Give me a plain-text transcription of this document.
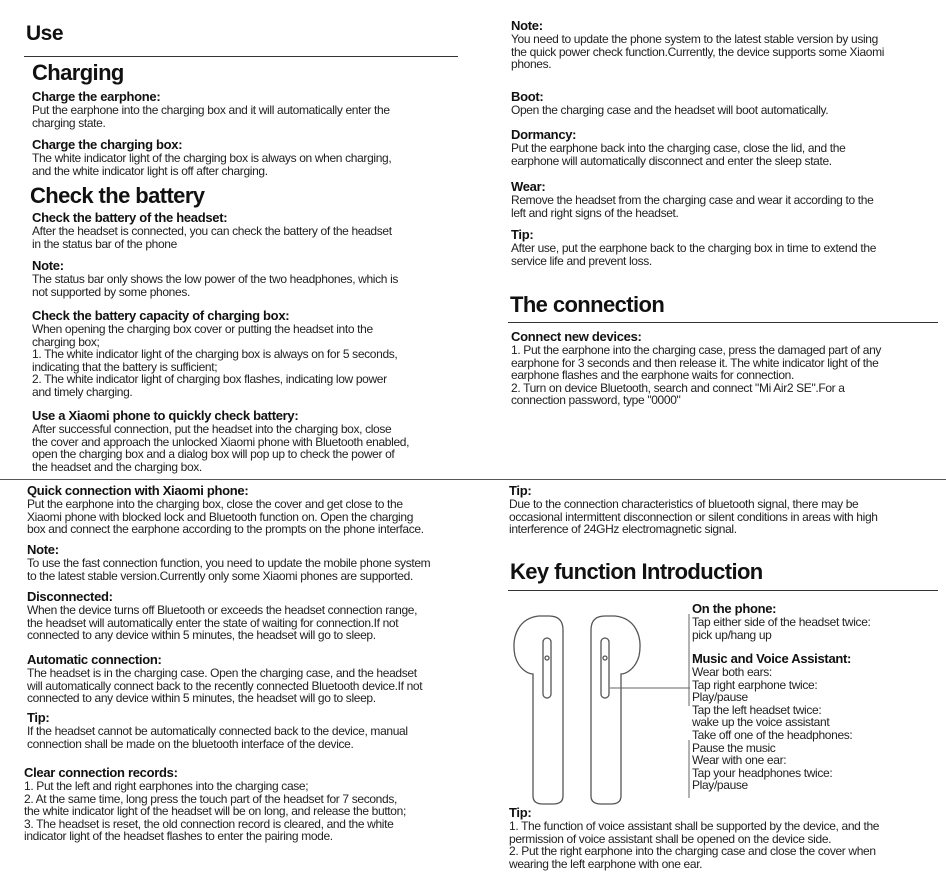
Use
Charging
Charge the earphone:
Put the earphone into the charging box and it will automatically enter the
charging state.
Charge the charging box:
The white indicator light of the charging box is always on when charging,
and the white indicator light is off after charging.
Check the battery
Check the battery of the headset:
After the headset is connected, you can check the battery of the headset
in the status bar of the phone
Note:
The status bar only shows the low power of the two headphones, which is
not supported by some phones.
Check the battery capacity of charging box:
When opening the charging box cover or putting the headset into the
charging box;
1. The white indicator light of the charging box is always on for 5 seconds,
indicating that the battery is sufficient;
2. The white indicator light of charging box flashes, indicating low power
and timely charging.
Use a Xiaomi phone to quickly check battery:
After successful connection, put the headset into the charging box, close
the cover and approach the unlocked Xiaomi phone with Bluetooth enabled,
open the charging box and a dialog box will pop up to check the power of
the headset and the charging box.
Note:
You need to update the phone system to the latest stable version by using
the quick power check function.Currently, the device supports some Xiaomi
phones.
Boot:
Open the charging case and the headset will boot automatically.
Dormancy:
Put the earphone back into the charging case, close the lid, and the
earphone will automatically disconnect and enter the sleep state.
Wear:
Remove the headset from the charging case and wear it according to the
left and right signs of the headset.
Tip:
After use, put the earphone back to the charging box in time to extend the
service life and prevent loss.
The connection
Connect new devices:
1. Put the earphone into the charging case, press the damaged part of any
earphone for 3 seconds and then release it. The white indicator light of the
earphone flashes and the earphone waits for connection.
2. Turn on device Bluetooth, search and connect "Mi Air2 SE".For a
connection password, type "0000"
Quick connection with Xiaomi phone:
Put the earphone into the charging box, close the cover and get close to the
Xiaomi phone with blocked lock and Bluetooth function on. Open the charging
box and connect the earphone according to the prompts on the phone interface.
Note:
To use the fast connection function, you need to update the mobile phone system
to the latest stable version.Currently only some Xiaomi phones are supported.
Disconnected:
When the device turns off Bluetooth or exceeds the headset connection range,
the headset will automatically enter the state of waiting for connection.If not
connected to any device within 5 minutes, the headset will go to sleep.
Automatic connection:
The headset is in the charging case. Open the charging case, and the headset
will automatically connect back to the recently connected Bluetooth device.If not
connected to any device within 5 minutes, the headset will go to sleep.
Tip:
If the headset cannot be automatically connected back to the device, manual
connection shall be made on the bluetooth interface of the device.
Clear connection records:
1. Put the left and right earphones into the charging case;
2. At the same time, long press the touch part of the headset for 7 seconds,
the white indicator light of the headset will be on long, and release the button;
3. The headset is reset, the old connection record is cleared, and the white
indicator light of the headset flashes to enter the pairing mode.
Tip:
Due to the connection characteristics of bluetooth signal, there may be
occasional intermittent disconnection or silent conditions in areas with high
interference of 24GHz electromagnetic signal.
Key function Introduction
On the phone:
Tap either side of the headset twice:
pick up/hang up
Music and Voice Assistant:
Wear both ears:
Tap right earphone twice:
Play/pause
Tap the left headset twice:
wake up the voice assistant
Take off one of the headphones:
Pause the music
Wear with one ear:
Tap your headphones twice:
Play/pause
Tip:
1. The function of voice assistant shall be supported by the device, and the
permission of voice assistant shall be opened on the device side.
2. Put the right earphone into the charging case and close the cover when
wearing the left earphone with one ear.
